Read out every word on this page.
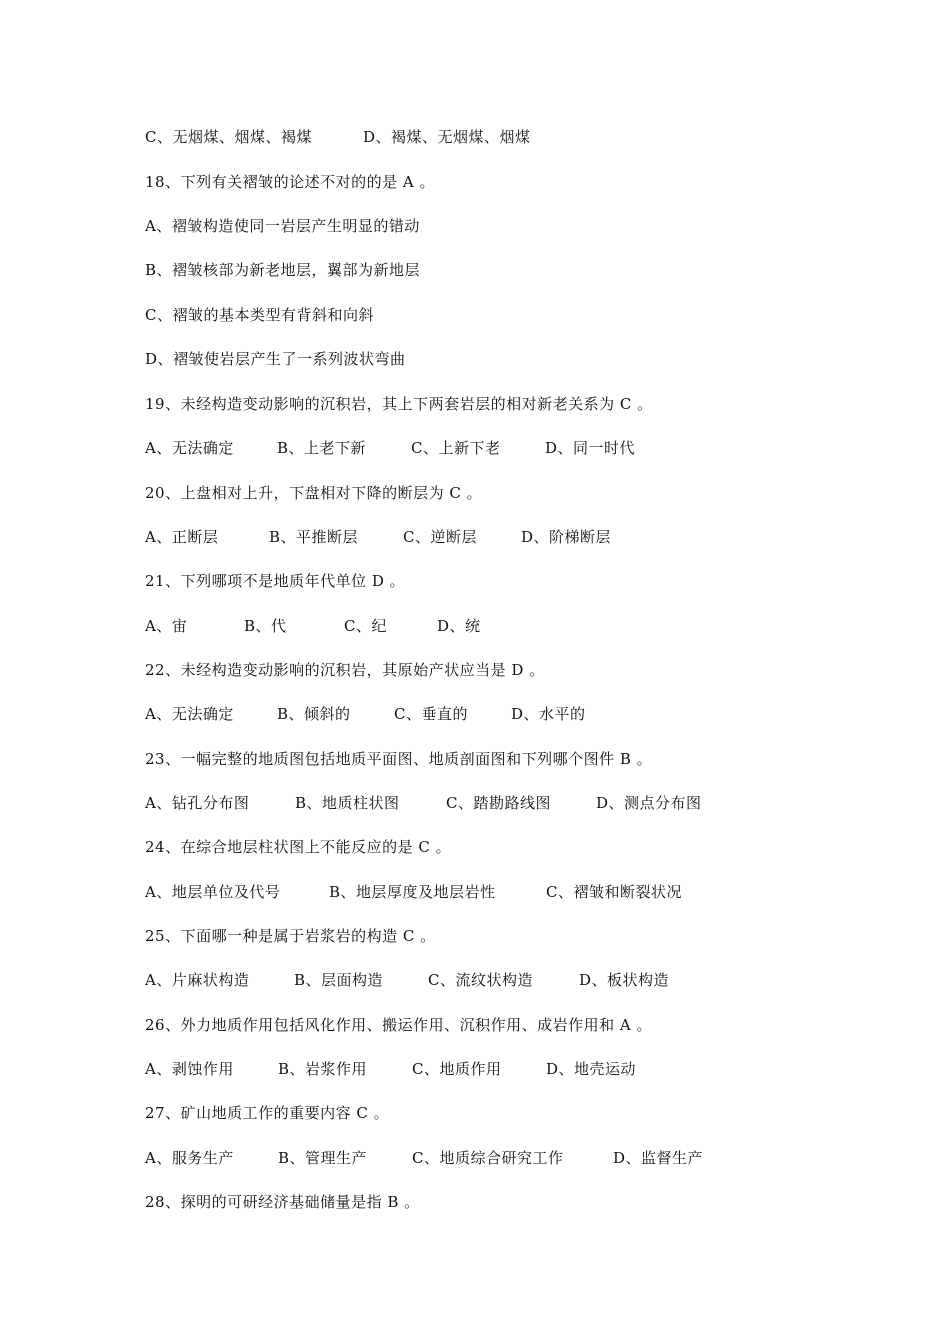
C、无烟煤、烟煤、褐煤	D、褐煤、无烟煤、烟煤
18、下列有关褶皱的论述不对的的是 A 。
A、褶皱构造使同一岩层产生明显的错动
B、褶皱核部为新老地层，翼部为新地层
C、褶皱的基本类型有背斜和向斜
D、褶皱使岩层产生了一系列波状弯曲
19、未经构造变动影响的沉积岩，其上下两套岩层的相对新老关系为 C 。
A、无法确定	B、上老下新	C、上新下老	D、同一时代
20、上盘相对上升，下盘相对下降的断层为 C 。
A、正断层	B、平推断层	C、逆断层	D、阶梯断层
21、下列哪项不是地质年代单位 D 。
A、宙	B、代	C、纪	D、统
22、未经构造变动影响的沉积岩，其原始产状应当是 D 。
A、无法确定	B、倾斜的	C、垂直的	D、水平的
23、一幅完整的地质图包括地质平面图、地质剖面图和下列哪个图件 B 。
A、钻孔分布图	B、地质柱状图	C、踏勘路线图	D、测点分布图
24、在综合地层柱状图上不能反应的是 C 。
A、地层单位及代号	B、地层厚度及地层岩性	C、褶皱和断裂状况
25、下面哪一种是属于岩浆岩的构造 C 。
A、片麻状构造	B、层面构造	C、流纹状构造	D、板状构造
26、外力地质作用包括风化作用、搬运作用、沉积作用、成岩作用和 A 。
A、剥蚀作用	B、岩浆作用	C、地质作用	D、地壳运动
27、矿山地质工作的重要内容 C 。
A、服务生产	B、管理生产	C、地质综合研究工作	D、监督生产
28、探明的可研经济基础储量是指 B 。
